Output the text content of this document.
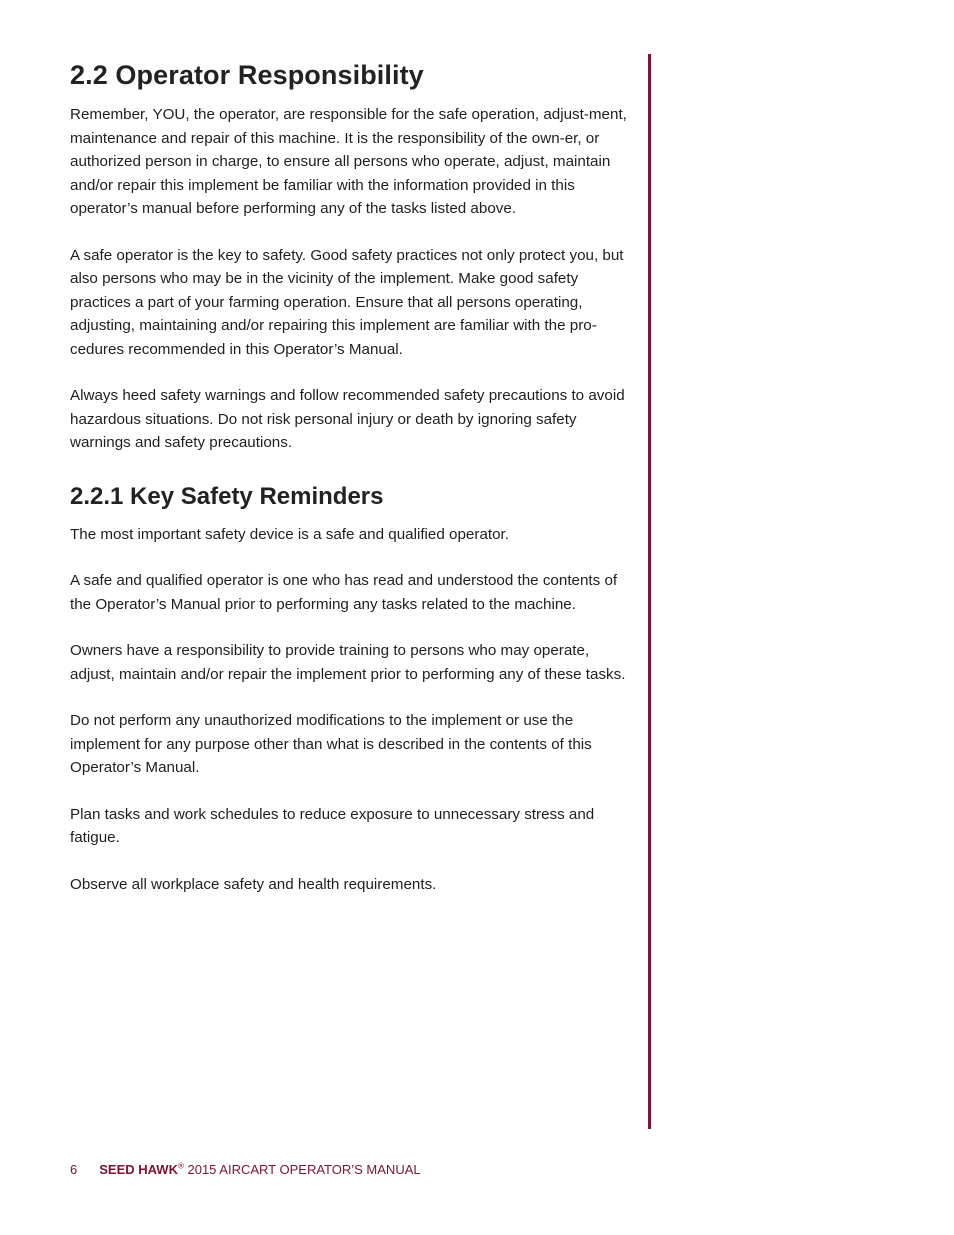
2.2 Operator Responsibility

Remember, YOU, the operator, are responsible for the safe operation, adjust-ment, maintenance and repair of this machine. It is the responsibility of the own-er, or authorized person in charge, to ensure all persons who operate, adjust, maintain and/or repair this implement be familiar with the information provided in this operator’s manual before performing any of the tasks listed above.

A safe operator is the key to safety. Good safety practices not only protect you, but also persons who may be in the vicinity of the implement. Make good safety practices a part of your farming operation. Ensure that all persons operating, adjusting, maintaining and/or repairing this implement are familiar with the pro-cedures recommended in this Operator’s Manual.

Always heed safety warnings and follow recommended safety precautions to avoid hazardous situations. Do not risk personal injury or death by ignoring safety warnings and safety precautions.

2.2.1 Key Safety Reminders

The most important safety device is a safe and qualified operator.

A safe and qualified operator is one who has read and understood the contents of the Operator’s Manual prior to performing any tasks related to the machine.

Owners have a responsibility to provide training to persons who may operate, adjust, maintain and/or repair the implement prior to performing any of these tasks.

Do not perform any unauthorized modifications to the implement or use the implement for any purpose other than what is described in the contents of this Operator’s Manual.

Plan tasks and work schedules to reduce exposure to unnecessary stress and fatigue.

Observe all workplace safety and health requirements.

6 SEED HAWK® 2015 AIRCART OPERATOR’S MANUAL
